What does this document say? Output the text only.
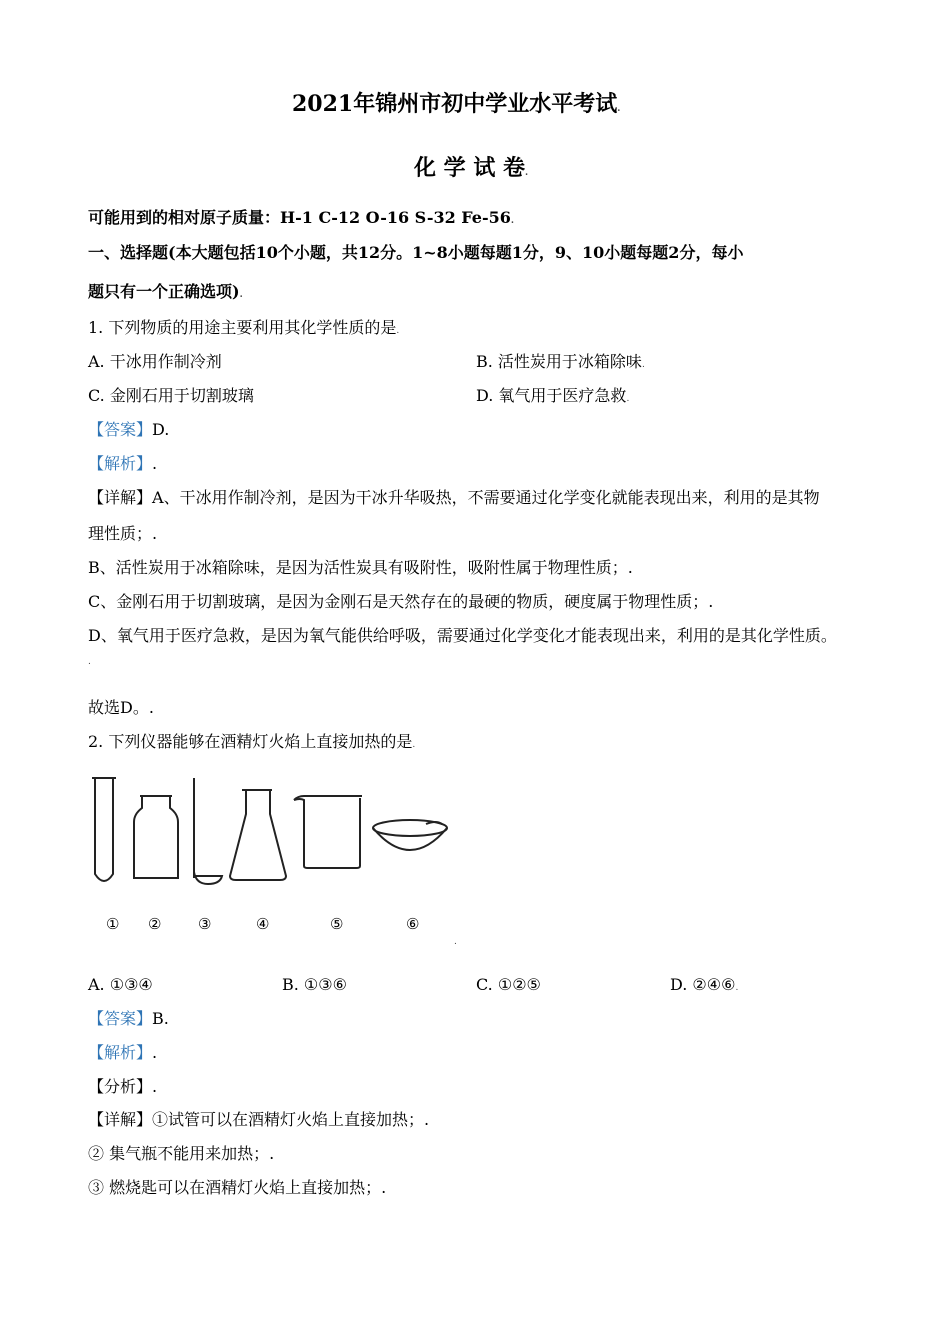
2021年锦州市初中学业水平考试.
化 学 试 卷.
可能用到的相对原子质量：H-1 C-12 O-16 S-32 Fe-56.
一、选择题(本大题包括10个小题，共12分。1~8小题每题1分，9、10小题每题2分，每小
题只有一个正确选项).
1. 下列物质的用途主要利用其化学性质的是.
A. 干冰用作制冷剂	B. 活性炭用于冰箱除味.
C. 金刚石用于切割玻璃	D. 氧气用于医疗急救.
【答案】D.
【解析】.
【详解】A、干冰用作制冷剂，是因为干冰升华吸热，不需要通过化学变化就能表现出来，利用的是其物
理性质；.
B、活性炭用于冰箱除味，是因为活性炭具有吸附性，吸附性属于物理性质；.
C、金刚石用于切割玻璃，是因为金刚石是天然存在的最硬的物质，硬度属于物理性质；.
D、氧气用于医疗急救，是因为氧气能供给呼吸，需要通过化学变化才能表现出来，利用的是其化学性质。
.
故选D。.
2. 下列仪器能够在酒精灯火焰上直接加热的是.
① ② ③	④	⑤	⑥
.
A. ①③④	B. ①③⑥	C. ①②⑤	D. ②④⑥.
【答案】B.
【解析】.
【分析】.
【详解】①试管可以在酒精灯火焰上直接加热；.
② 集气瓶不能用来加热；.
③ 燃烧匙可以在酒精灯火焰上直接加热；.
